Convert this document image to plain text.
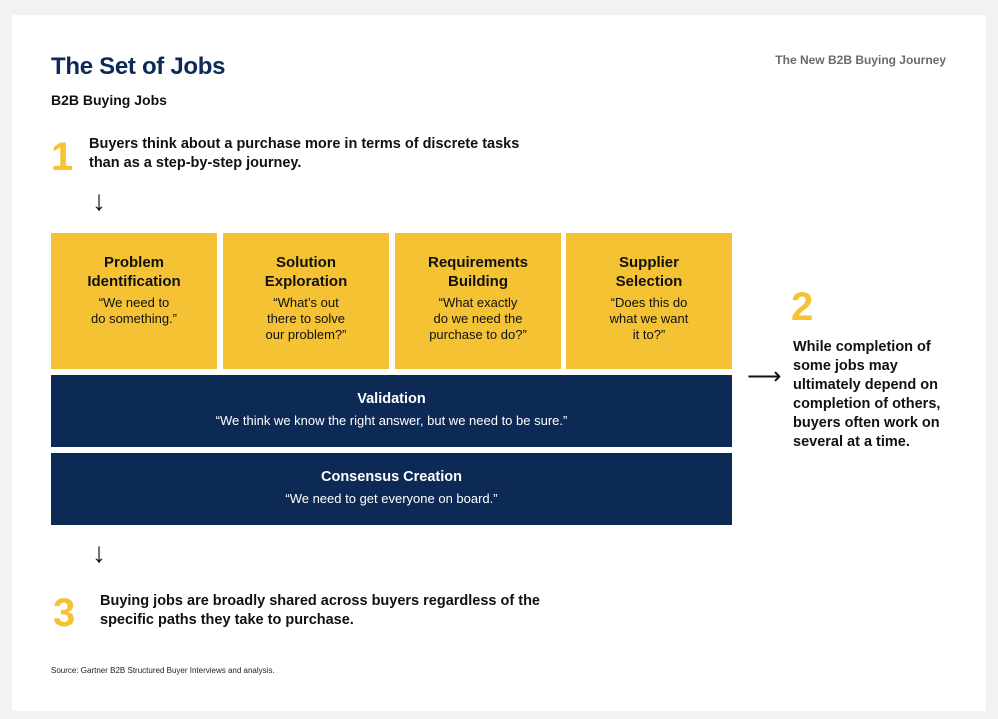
The Set of Jobs
B2B Buying Jobs
The New B2B Buying Journey
1 Buyers think about a purchase more in terms of discrete tasks than as a step-by-step journey.
↓
Problem
Identification
“We need to
do something.”
Solution
Exploration
“What’s out
there to solve
our problem?”
Requirements
Building
“What exactly
do we need the
purchase to do?”
Supplier
Selection
“Does this do
what we want
it to?”
Validation
“We think we know the right answer, but we need to be sure.”
Consensus Creation
“We need to get everyone on board.”
⟶
2
While completion of some jobs may ultimately depend on completion of others, buyers often work on several at a time.
↓
3 Buying jobs are broadly shared across buyers regardless of the specific paths they take to purchase.
Source: Gartner B2B Structured Buyer Interviews and analysis.
